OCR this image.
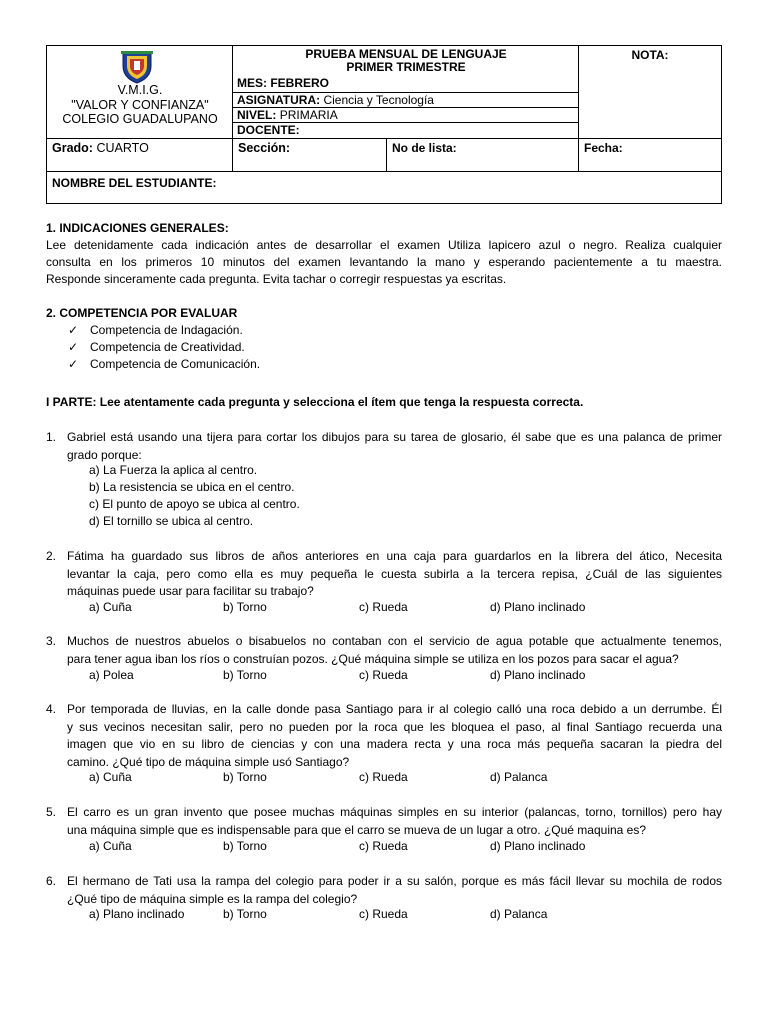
V.M.I.G.
"VALOR Y CONFIANZA"
COLEGIO GUADALUPANO
PRUEBA MENSUAL DE LENGUAJE
PRIMER TRIMESTRE
MES: FEBRERO
ASIGNATURA: Ciencia y Tecnología
NIVEL: PRIMARIA
DOCENTE:
NOTA:
Grado: CUARTO	Sección:	No de lista:	Fecha:
NOMBRE DEL ESTUDIANTE:
1. INDICACIONES GENERALES:
Lee detenidamente cada indicación antes de desarrollar el examen Utiliza lapicero azul o negro. Realiza cualquier
consulta en los primeros 10 minutos del examen levantando la mano y esperando pacientemente a tu maestra.
Responde sinceramente cada pregunta. Evita tachar o corregir respuestas ya escritas.
2. COMPETENCIA POR EVALUAR
✓ Competencia de Indagación.
✓ Competencia de Creatividad.
✓ Competencia de Comunicación.
I PARTE: Lee atentamente cada pregunta y selecciona el ítem que tenga la respuesta correcta.
1. Gabriel está usando una tijera para cortar los dibujos para su tarea de glosario, él sabe que es una palanca de primer
grado porque:
a) La Fuerza la aplica al centro.
b) La resistencia se ubica en el centro.
c) El punto de apoyo se ubica al centro.
d) El tornillo se ubica al centro.
2. Fátima ha guardado sus libros de años anteriores en una caja para guardarlos en la librera del ático, Necesita
levantar la caja, pero como ella es muy pequeña le cuesta subirla a la tercera repisa, ¿Cuál de las siguientes
máquinas puede usar para facilitar su trabajo?
a) Cuña	b) Torno	c) Rueda	d) Plano inclinado
3. Muchos de nuestros abuelos o bisabuelos no contaban con el servicio de agua potable que actualmente tenemos,
para tener agua iban los ríos o construían pozos. ¿Qué máquina simple se utiliza en los pozos para sacar el agua?
a) Polea	b) Torno	c) Rueda	d) Plano inclinado
4. Por temporada de lluvias, en la calle donde pasa Santiago para ir al colegio calló una roca debido a un derrumbe. Él
y sus vecinos necesitan salir, pero no pueden por la roca que les bloquea el paso, al final Santiago recuerda una
imagen que vio en su libro de ciencias y con una madera recta y una roca más pequeña sacaran la piedra del
camino. ¿Qué tipo de máquina simple usó Santiago?
a) Cuña	b) Torno	c) Rueda	d) Palanca
5. El carro es un gran invento que posee muchas máquinas simples en su interior (palancas, torno, tornillos) pero hay
una máquina simple que es indispensable para que el carro se mueva de un lugar a otro. ¿Qué maquina es?
a) Cuña	b) Torno	c) Rueda	d) Plano inclinado
6. El hermano de Tati usa la rampa del colegio para poder ir a su salón, porque es más fácil llevar su mochila de rodos
¿Qué tipo de máquina simple es la rampa del colegio?
a) Plano inclinado	b) Torno	c) Rueda	d) Palanca
